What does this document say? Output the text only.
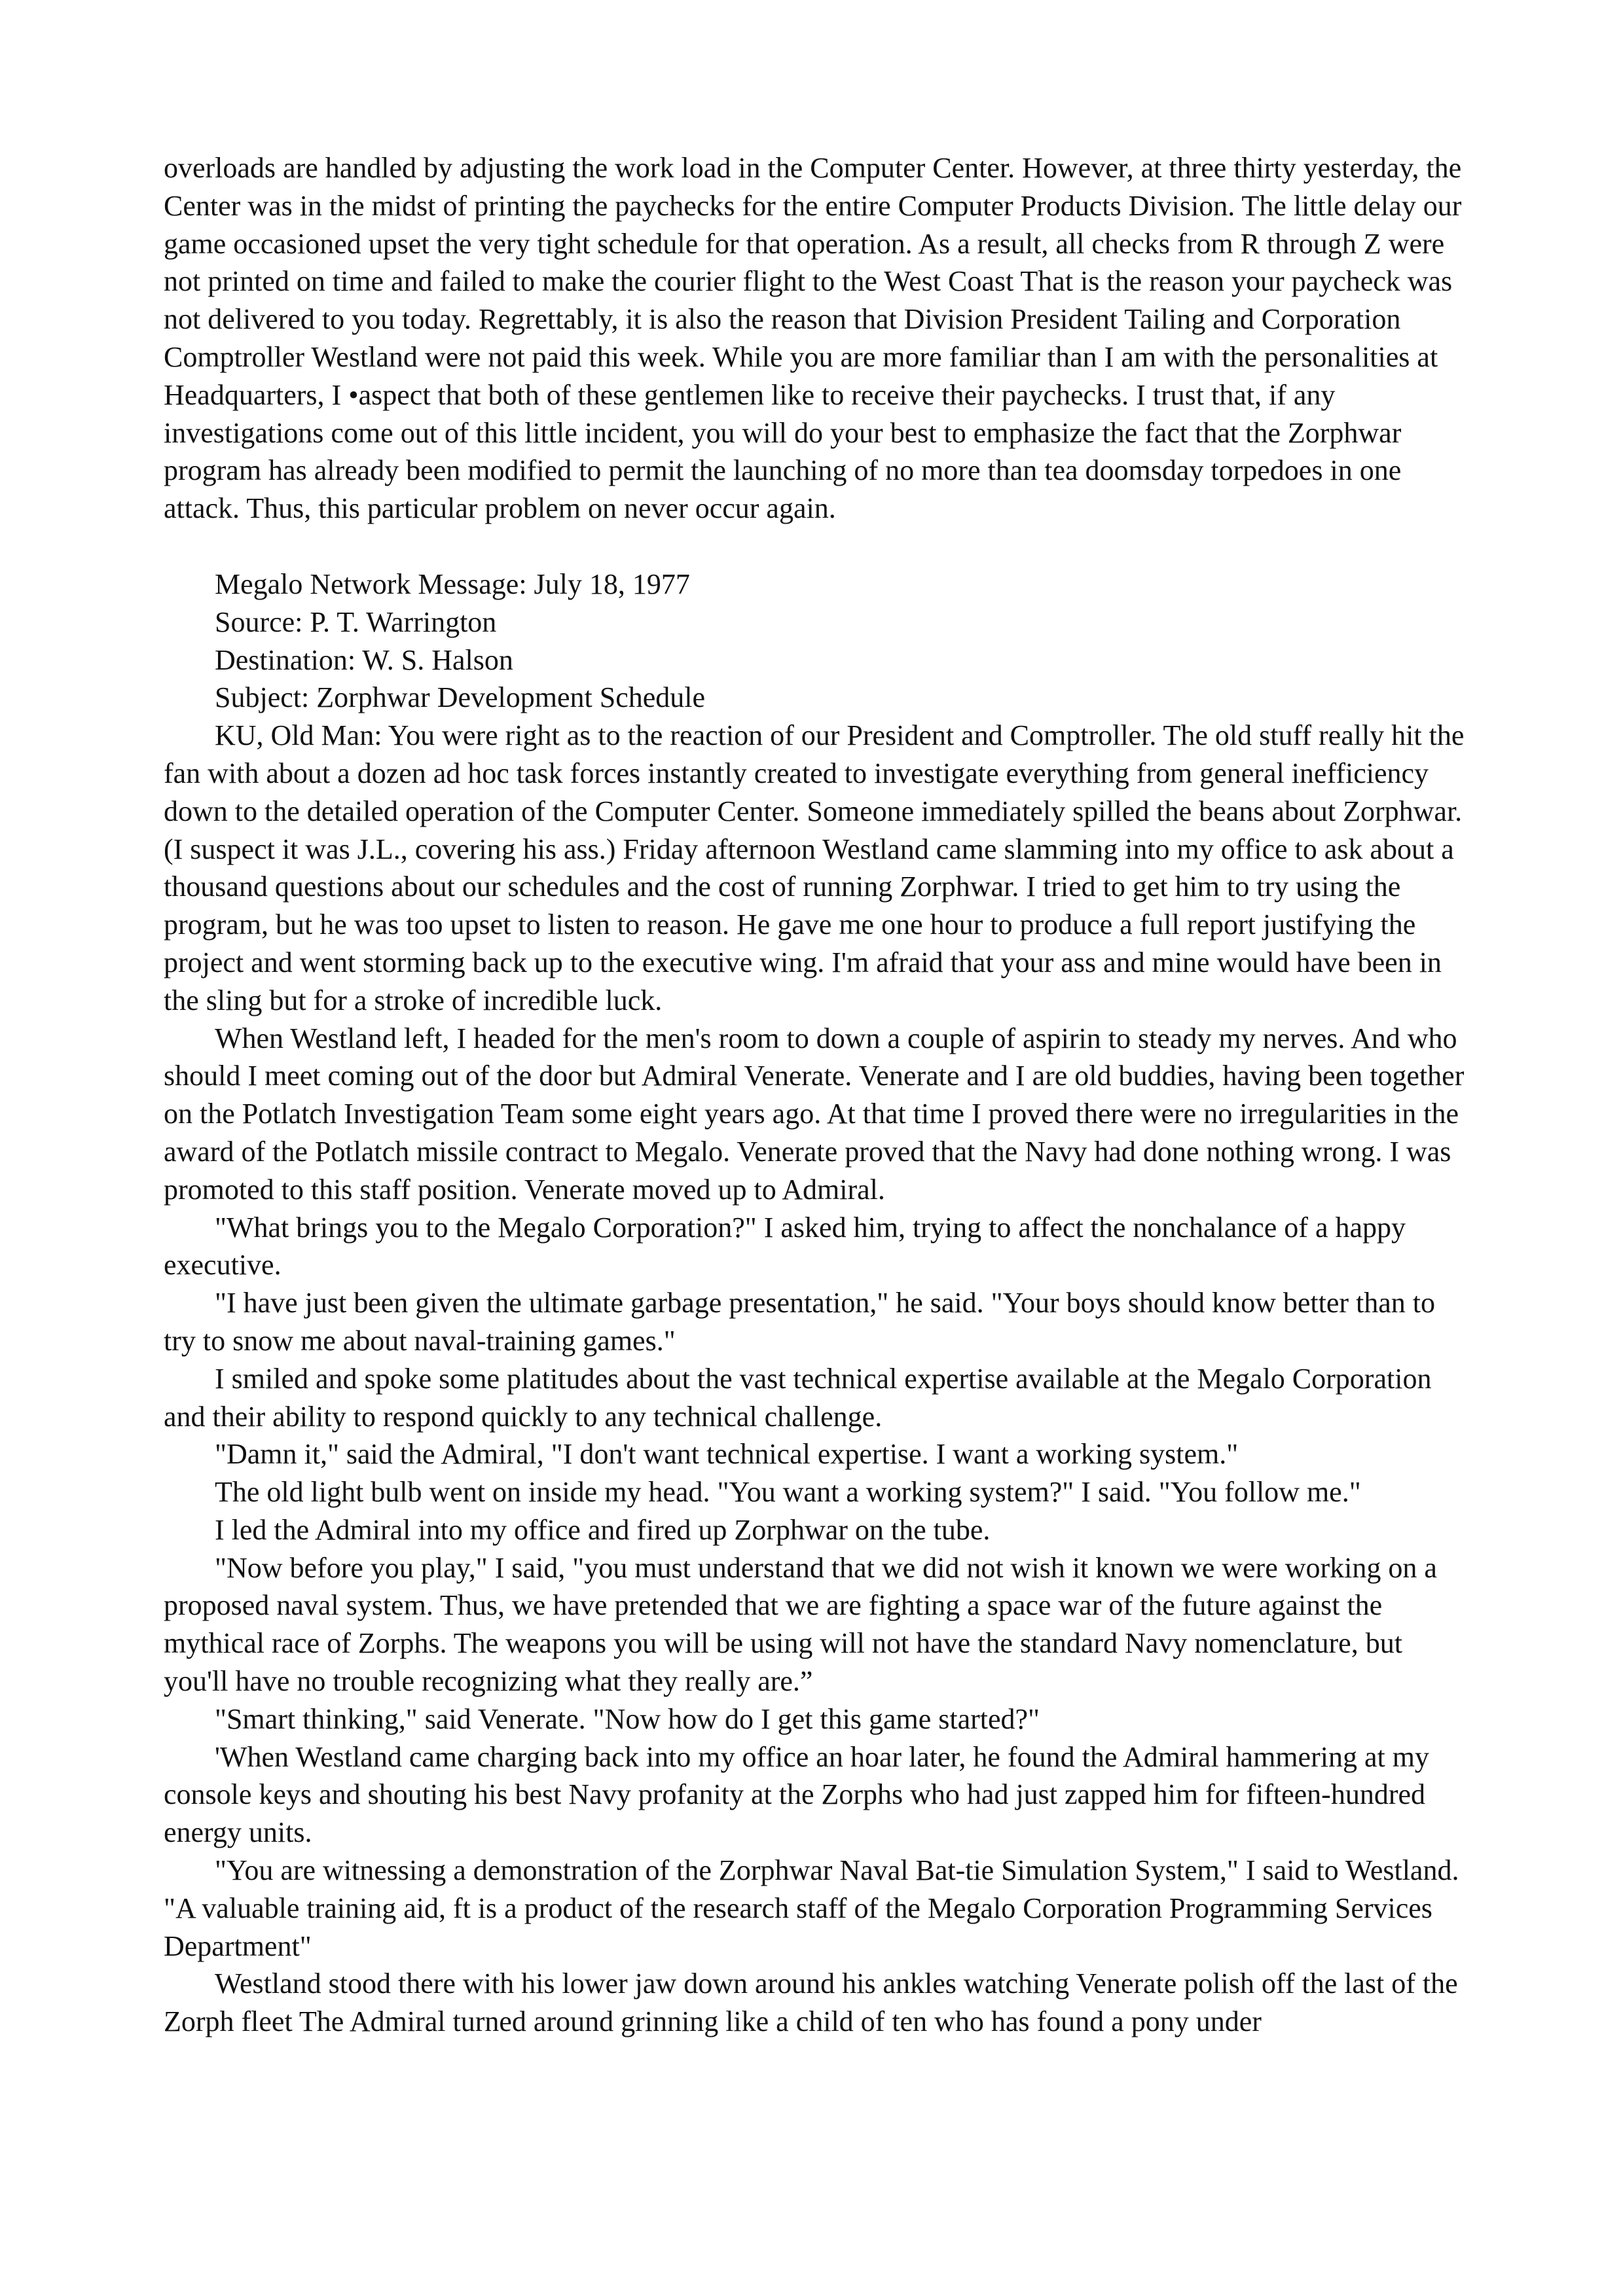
overloads are handled by adjusting the work load in the Computer Center. However, at three thirty yesterday, the Center was in the midst of printing the paychecks for the entire Computer Products Division. The little delay our game occasioned upset the very tight schedule for that operation. As a result, all checks from R through Z were not printed on time and failed to make the courier flight to the West Coast That is the reason your paycheck was not delivered to you today. Regrettably, it is also the reason that Division President Tailing and Corporation Comptroller Westland were not paid this week. While you are more familiar than I am with the personalities at Headquarters, I •aspect that both of these gentlemen like to receive their paychecks. I trust that, if any investigations come out of this little incident, you will do your best to emphasize the fact that the Zorphwar program has already been modified to permit the launching of no more than tea doomsday torpedoes in one attack. Thus, this particular problem on never occur again.

Megalo Network Message: July 18, 1977

Source: P. T. Warrington

Destination: W. S. Halson

Subject: Zorphwar Development Schedule

KU, Old Man: You were right as to the reaction of our President and Comptroller. The old stuff really hit the fan with about a dozen ad hoc task forces instantly created to investigate everything from general inefficiency down to the detailed operation of the Computer Center. Someone immediately spilled the beans about Zorphwar. (I suspect it was J.L., covering his ass.) Friday afternoon Westland came slamming into my office to ask about a thousand questions about our schedules and the cost of running Zorphwar. I tried to get him to try using the program, but he was too upset to listen to reason. He gave me one hour to produce a full report justifying the project and went storming back up to the executive wing. I'm afraid that your ass and mine would have been in the sling but for a stroke of incredible luck.

When Westland left, I headed for the men's room to down a couple of aspirin to steady my nerves. And who should I meet coming out of the door but Admiral Venerate. Venerate and I are old buddies, having been together on the Potlatch Investigation Team some eight years ago. At that time I proved there were no irregularities in the award of the Potlatch missile contract to Megalo. Venerate proved that the Navy had done nothing wrong. I was promoted to this staff position. Venerate moved up to Admiral.

"What brings you to the Megalo Corporation?" I asked him, trying to affect the nonchalance of a happy executive.

"I have just been given the ultimate garbage presentation," he said. "Your boys should know better than to try to snow me about naval-training games."

I smiled and spoke some platitudes about the vast technical expertise available at the Megalo Corporation and their ability to respond quickly to any technical challenge.

"Damn it," said the Admiral, "I don't want technical expertise. I want a working system."

The old light bulb went on inside my head. "You want a working system?" I said. "You follow me."

I led the Admiral into my office and fired up Zorphwar on the tube.

"Now before you play," I said, "you must understand that we did not wish it known we were working on a proposed naval system. Thus, we have pretended that we are fighting a space war of the future against the mythical race of Zorphs. The weapons you will be using will not have the standard Navy nomenclature, but you'll have no trouble recognizing what they really are.”

"Smart thinking," said Venerate. "Now how do I get this game started?"

'When Westland came charging back into my office an hoar later, he found the Admiral hammering at my console keys and shouting his best Navy profanity at the Zorphs who had just zapped him for fifteen-hundred energy units.

"You are witnessing a demonstration of the Zorphwar Naval Bat-tie Simulation System," I said to Westland. "A valuable training aid, ft is a product of the research staff of the Megalo Corporation Programming Services Department"

Westland stood there with his lower jaw down around his ankles watching Venerate polish off the last of the Zorph fleet The Admiral turned around grinning like a child of ten who has found a pony under
